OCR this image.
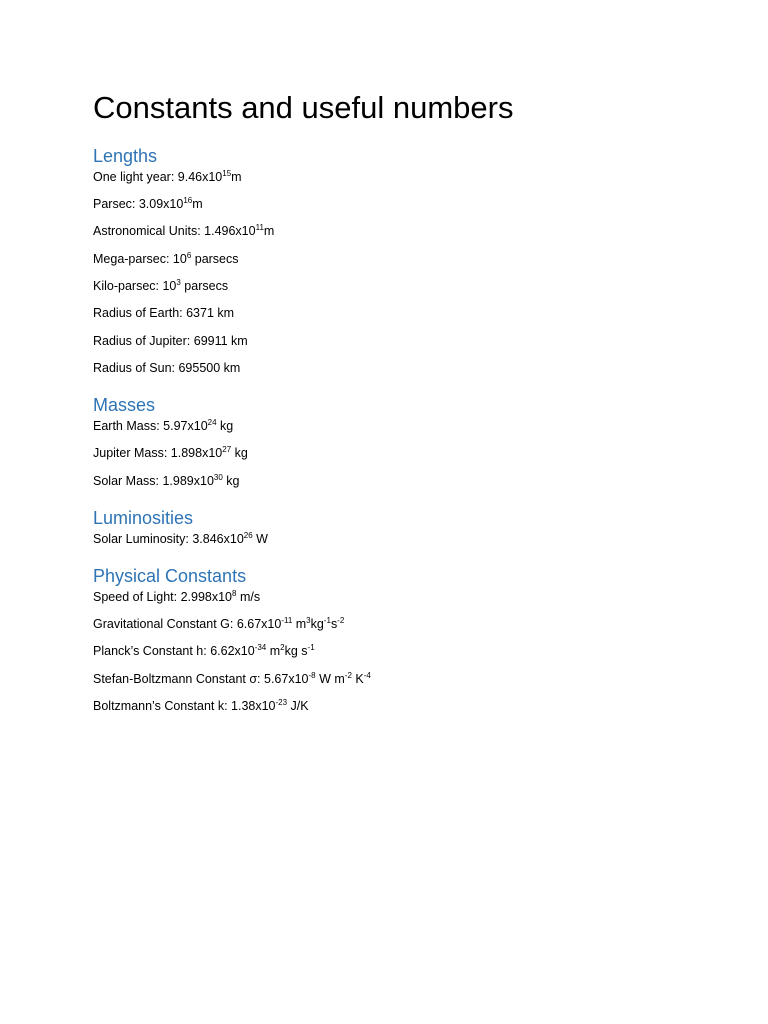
Constants and useful numbers
Lengths

One light year: $9.46x10^{15}m$

Parsec: $3.09x10^{16}m$

Astronomical Units: $1.496x10^{11}m$

Mega-parsec: $10^6$ parsecs

Kilo-parsec: $10^3$ parsecs

Radius of Earth: 6371 km

Radius of Jupiter: 69911 km

Radius of Sun: 695500 km

Masses

Earth Mass: $5.97x10^{24}$ kg

Jupiter Mass: $1.898x10^{27}$ kg

Solar Mass: $1.989x10^{30}$ kg

Luminosities

Solar Luminosity: $3.846x10^{26}$ W

Physical Constants

Speed of Light: $2.998x10^8$ m/s

Gravitational Constant G: $6.67x10^{-11}$ $m^3kg^{-1}s^{-2}$

Planck’s Constant h: $6.62x10^{-34}$ $m^2kg$ $s^{-1}$

Stefan-Boltzmann Constant σ: $5.67x10^{-8}$ W $m^{-2}$ $K^{-4}$

Boltzmann’s Constant k: $1.38x10^{-23}$ J/K
